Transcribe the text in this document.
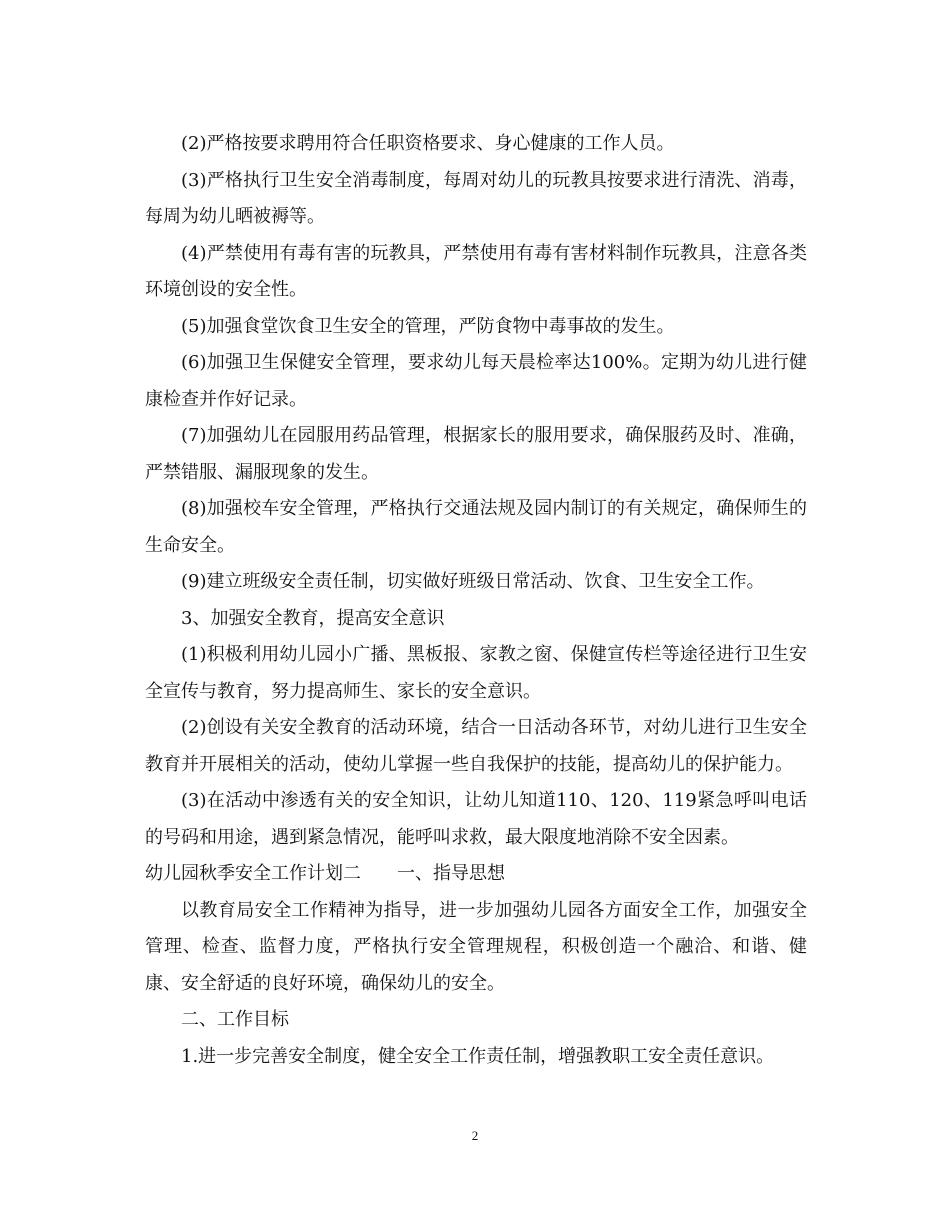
(2)严格按要求聘用符合任职资格要求、身心健康的工作人员。

(3)严格执行卫生安全消毒制度，每周对幼儿的玩教具按要求进行清洗、消毒，每周为幼儿晒被褥等。

(4)严禁使用有毒有害的玩教具，严禁使用有毒有害材料制作玩教具，注意各类环境创设的安全性。

(5)加强食堂饮食卫生安全的管理，严防食物中毒事故的发生。

(6)加强卫生保健安全管理，要求幼儿每天晨检率达100%。定期为幼儿进行健康检查并作好记录。

(7)加强幼儿在园服用药品管理，根据家长的服用要求，确保服药及时、准确，严禁错服、漏服现象的发生。

(8)加强校车安全管理，严格执行交通法规及园内制订的有关规定，确保师生的生命安全。

(9)建立班级安全责任制，切实做好班级日常活动、饮食、卫生安全工作。

3、加强安全教育，提高安全意识

(1)积极利用幼儿园小广播、黑板报、家教之窗、保健宣传栏等途径进行卫生安全宣传与教育，努力提高师生、家长的安全意识。

(2)创设有关安全教育的活动环境，结合一日活动各环节，对幼儿进行卫生安全教育并开展相关的活动，使幼儿掌握一些自我保护的技能，提高幼儿的保护能力。

(3)在活动中渗透有关的安全知识，让幼儿知道110、120、119紧急呼叫电话的号码和用途，遇到紧急情况，能呼叫求救，最大限度地消除不安全因素。

幼儿园秋季安全工作计划二 一、指导思想

以教育局安全工作精神为指导，进一步加强幼儿园各方面安全工作，加强安全管理、检查、监督力度，严格执行安全管理规程，积极创造一个融洽、和谐、健康、安全舒适的良好环境，确保幼儿的安全。

二、工作目标

1.进一步完善安全制度，健全安全工作责任制，增强教职工安全责任意识。

2
